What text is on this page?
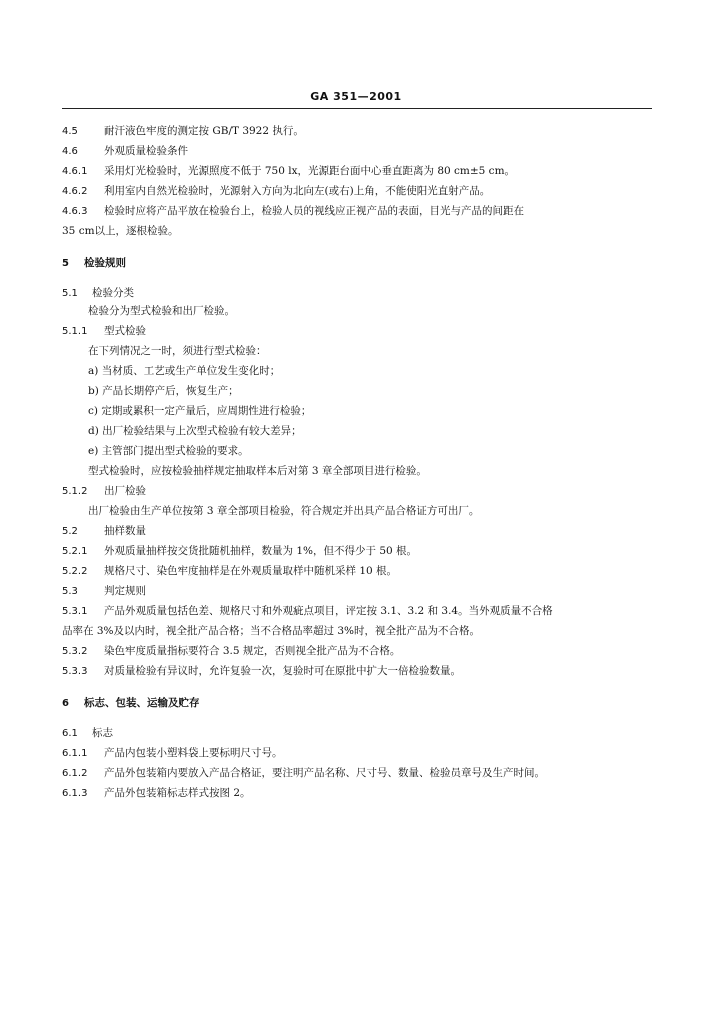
GA 351—2001
4.5 耐汗液色牢度的测定按 GB/T 3922 执行。
4.6 外观质量检验条件
4.6.1 采用灯光检验时，光源照度不低于 750 lx，光源距台面中心垂直距离为 80 cm±5 cm。
4.6.2 利用室内自然光检验时，光源射入方向为北向左(或右)上角，不能使阳光直射产品。
4.6.3 检验时应将产品平放在检验台上，检验人员的视线应正视产品的表面，目光与产品的间距在
35 cm以上，逐根检验。
5 检验规则
5.1 检验分类
检验分为型式检验和出厂检验。
5.1.1 型式检验
在下列情况之一时，须进行型式检验：
a) 当材质、工艺或生产单位发生变化时；
b) 产品长期停产后，恢复生产；
c) 定期或累积一定产量后，应周期性进行检验；
d) 出厂检验结果与上次型式检验有较大差异；
e) 主管部门提出型式检验的要求。
型式检验时，应按检验抽样规定抽取样本后对第 3 章全部项目进行检验。
5.1.2 出厂检验
出厂检验由生产单位按第 3 章全部项目检验，符合规定并出具产品合格证方可出厂。
5.2 抽样数量
5.2.1 外观质量抽样按交货批随机抽样，数量为 1%，但不得少于 50 根。
5.2.2 规格尺寸、染色牢度抽样是在外观质量取样中随机采样 10 根。
5.3 判定规则
5.3.1 产品外观质量包括色差、规格尺寸和外观疵点项目，评定按 3.1、3.2 和 3.4。当外观质量不合格
品率在 3%及以内时，视全批产品合格；当不合格品率超过 3%时，视全批产品为不合格。
5.3.2 染色牢度质量指标要符合 3.5 规定，否则视全批产品为不合格。
5.3.3 对质量检验有异议时，允许复验一次，复验时可在原批中扩大一倍检验数量。
6 标志、包装、运输及贮存
6.1 标志
6.1.1 产品内包装小塑料袋上要标明尺寸号。
6.1.2 产品外包装箱内要放入产品合格证，要注明产品名称、尺寸号、数量、检验员章号及生产时间。
6.1.3 产品外包装箱标志样式按图 2。
